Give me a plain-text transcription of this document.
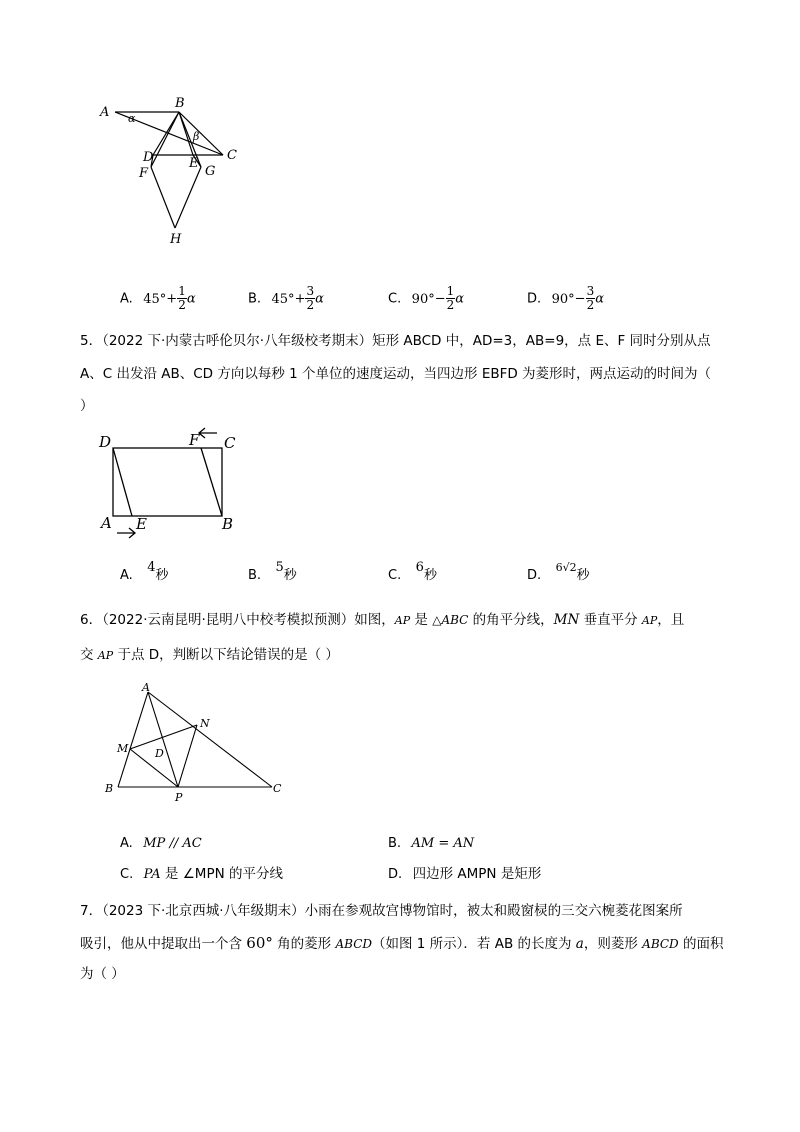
A
B
C
D	E
F	G
H
α
β
A. $45^\circ+ \frac{1}{2}$ α	B. $45^\circ+ \frac{3}{2}$ α	C. $90^\circ- \frac{1}{2}$ α	D. $90^\circ- \frac{3}{2}$ α
5．（2022 下·内蒙古呼伦贝尔·八年级校考期末）矩形 ABCD 中，AD=3，AB=9，点 E、F 同时分别从点
A、C 出发沿 AB、CD 方向以每秒 1 个单位的速度运动，当四边形 EBFD 为菱形时，两点运动的时间为（
）
D	F C
A E	B
A. 4秒	B. 5秒	C. 6秒	D. $^{6√2}$秒
6．（2022·云南昆明·昆明八中校考模拟预测）如图，AP 是 △ABC 的角平分线，MN 垂直平分 AP，且
交 AP 于点 D，判断以下结论错误的是（ ）
A
N
M D
B
P
C
A. MP // AC	B. AM = AN
C. PA 是 ∠MPN 的平分线	D. 四边形 AMPN 是矩形
7．（2023 下·北京西城·八年级期末）小雨在参观故宫博物馆时，被太和殿窗棂的三交六椀菱花图案所
吸引，他从中提取出一个含 60° 角的菱形 ABCD（如图 1 所示）．若 AB 的长度为 a，则菱形 ABCD 的面积
为（ ）
